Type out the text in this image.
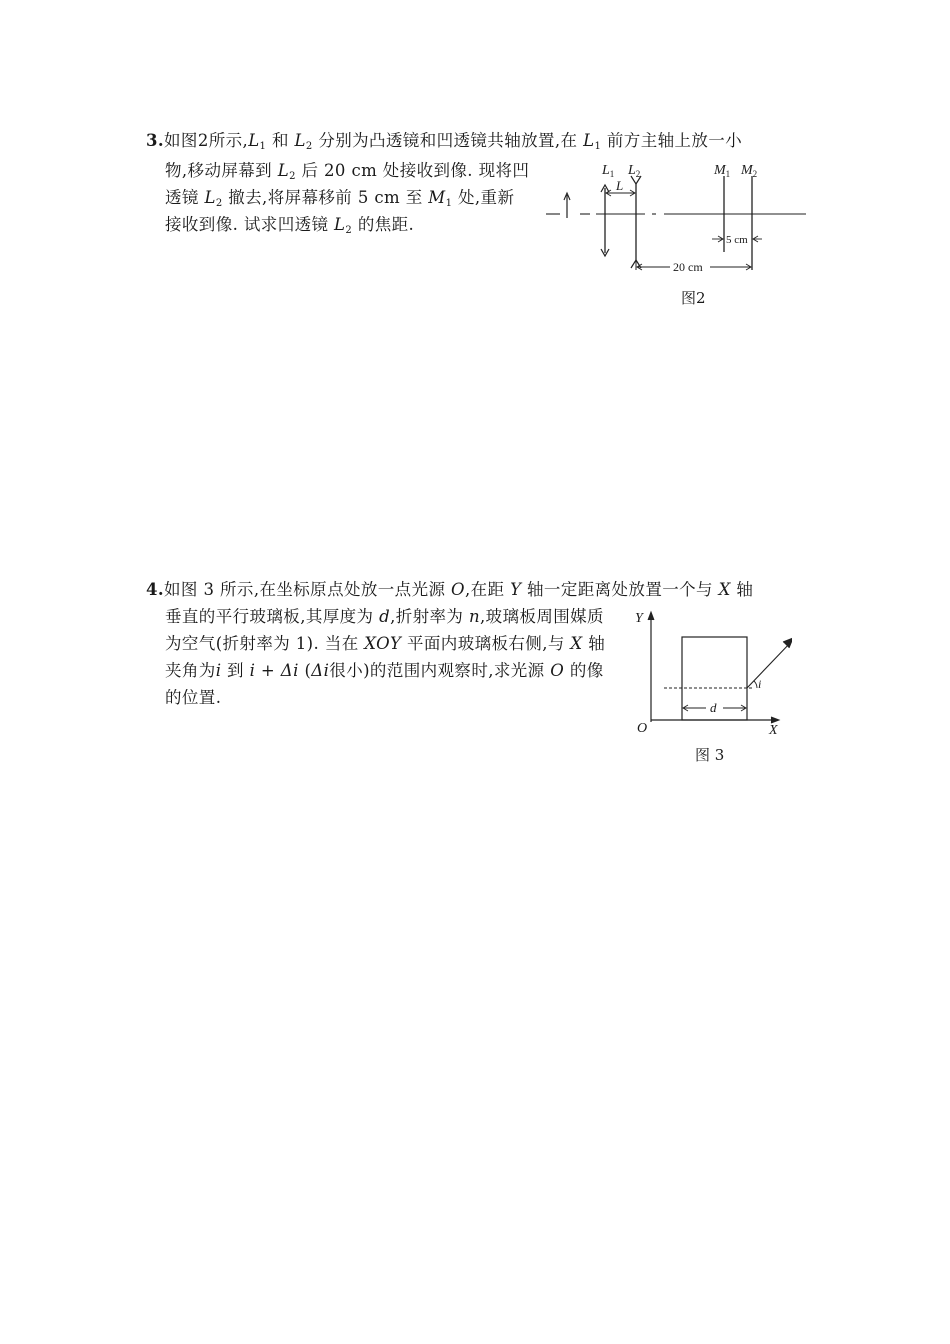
3.如图2所示$,L_1$ 和 $L_2$ 分别为凸透镜和凹透镜共轴放置,在 $L_1$ 前方主轴上放一小
物,移动屏幕到 $L_2$ 后 20 cm 处接收到像. 现将凹
透镜 $L_2$ 撤去,将屏幕移前 5 cm 至 $M_1$ 处,重新
接收到像. 试求凹透镜 $L_2$ 的焦距.
$L_1$ $L_2$	$M_1$ $M_2$
L
5 cm
20 cm
图2
4.如图 3 所示,在坐标原点处放一点光源 O,在距 Y 轴一定距离处放置一个与 X 轴
垂直的平行玻璃板,其厚度为 d,折射率为 n,玻璃板周围媒质
为空气(折射率为 1). 当在 XOY 平面内玻璃板右侧,与 X 轴
夹角为i 到 i + Δi (Δi很小)的范围内观察时,求光源 O 的像
的位置.
Y
O	X
d
i
图 3
